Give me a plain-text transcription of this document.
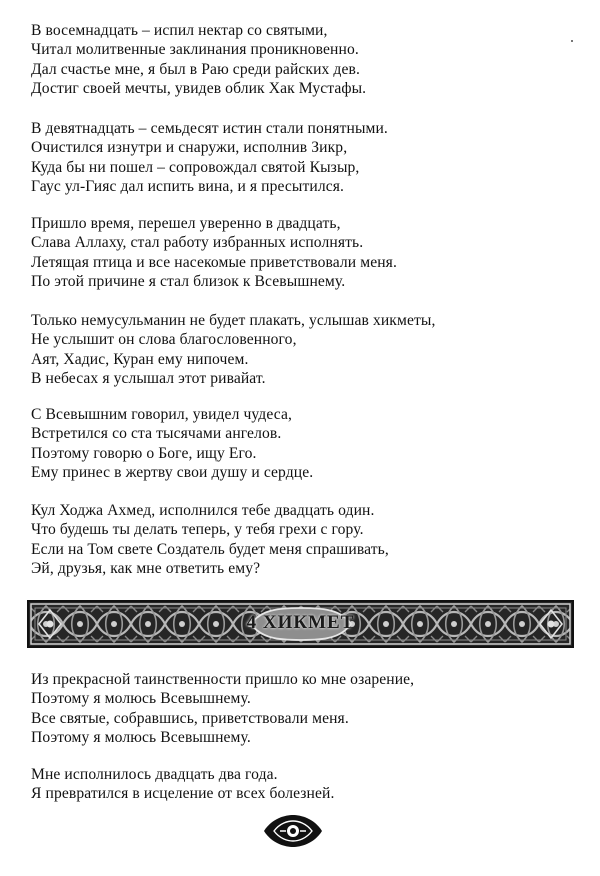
В восемнадцать – испил нектар со святыми,
Читал молитвенные заклинания проникновенно.
Дал счастье мне, я был в Раю среди райских дев.
Достиг своей мечты, увидев облик Хак Мустафы.
В девятнадцать – семьдесят истин стали понятными.
Очистился изнутри и снаружи, исполнив Зикр,
Куда бы ни пошел – сопровождал святой Кызыр,
Гаус ул-Гияс дал испить вина, и я пресытился.
Пришло время, перешел уверенно в двадцать,
Слава Аллаху, стал работу избранных исполнять.
Летящая птица и все насекомые приветствовали меня.
По этой причине я стал близок к Всевышнему.
Только немусульманин не будет плакать, услышав хикметы,
Не услышит он слова благословенного,
Аят, Хадис, Куран ему нипочем.
В небесах я услышал этот ривайат.
С Всевышним говорил, увидел чудеса,
Встретился со ста тысячами ангелов.
Поэтому говорю о Боге, ищу Его.
Ему принес в жертву свои душу и сердце.
Кул Ходжа Ахмед, исполнился тебе двадцать один.
Что будешь ты делать теперь, у тебя грехи с гору.
Если на Том свете Создатель будет меня спрашивать,
Эй, друзья, как мне ответить ему?
4 ХИКМЕТ
Из прекрасной таинственности пришло ко мне озарение,
Поэтому я молюсь Всевышнему.
Все святые, собравшись, приветствовали меня.
Поэтому я молюсь Всевышнему.
Мне исполнилось двадцать два года.
Я превратился в исцеление от всех болезней.
